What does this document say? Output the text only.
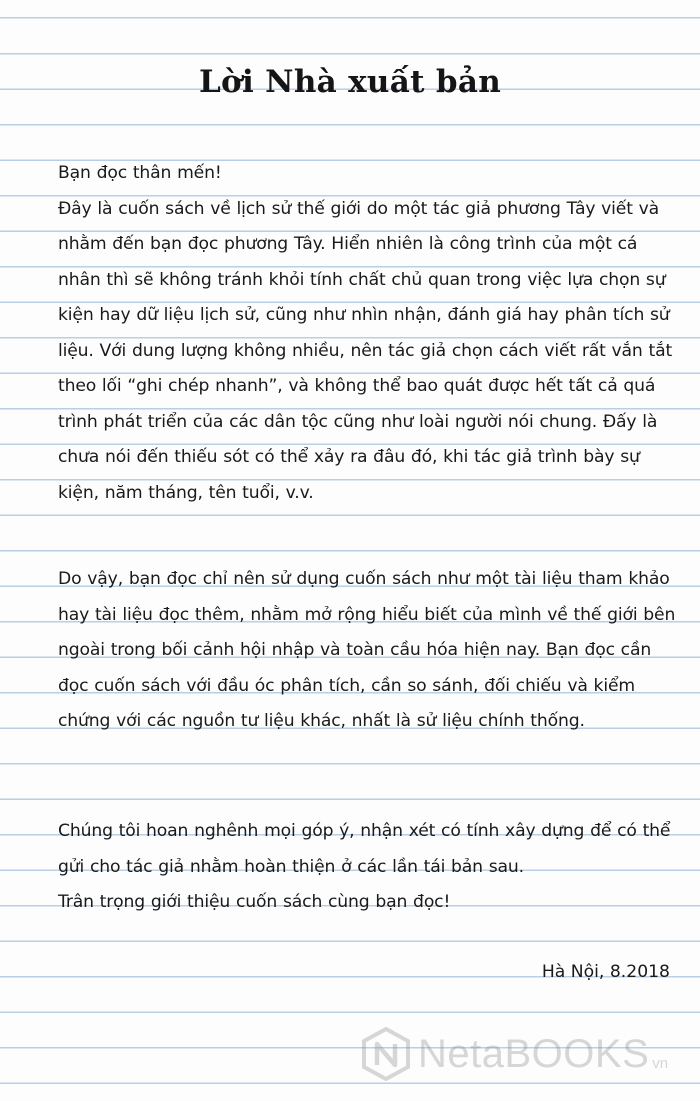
Lời Nhà xuất bản

Bạn đọc thân mến!

Đây là cuốn sách về lịch sử thế giới do một tác giả phương Tây viết và nhằm đến bạn đọc phương Tây. Hiển nhiên là công trình của một cá nhân thì sẽ không tránh khỏi tính chất chủ quan trong việc lựa chọn sự kiện hay dữ liệu lịch sử, cũng như nhìn nhận, đánh giá hay phân tích sử liệu. Với dung lượng không nhiều, nên tác giả chọn cách viết rất vắn tắt theo lối “ghi chép nhanh”, và không thể bao quát được hết tất cả quá trình phát triển của các dân tộc cũng như loài người nói chung. Đấy là chưa nói đến thiếu sót có thể xảy ra đâu đó, khi tác giả trình bày sự kiện, năm tháng, tên tuổi, v.v.

Do vậy, bạn đọc chỉ nên sử dụng cuốn sách như một tài liệu tham khảo hay tài liệu đọc thêm, nhằm mở rộng hiểu biết của mình về thế giới bên ngoài trong bối cảnh hội nhập và toàn cầu hóa hiện nay. Bạn đọc cần đọc cuốn sách với đầu óc phân tích, cần so sánh, đối chiếu và kiểm chứng với các nguồn tư liệu khác, nhất là sử liệu chính thống.

Chúng tôi hoan nghênh mọi góp ý, nhận xét có tính xây dựng để có thể gửi cho tác giả nhằm hoàn thiện ở các lần tái bản sau.

Trân trọng giới thiệu cuốn sách cùng bạn đọc!

Hà Nội, 8.2018
NetaBOOKS vn
